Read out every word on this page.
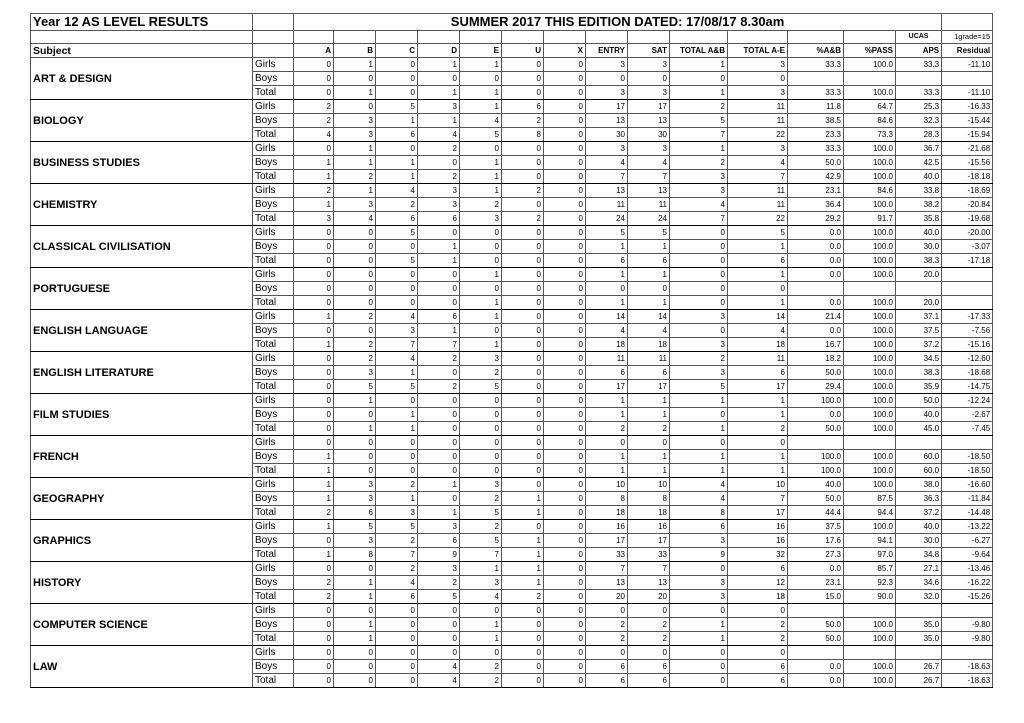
Year 12 AS LEVEL RESULTS		SUMMER 2017 THIS EDITION DATED: 17/08/17 8.30am														
															UCAS	1grade=15
Subject		A	B	C	D	E	U	X	ENTRY	SAT	TOTAL A&B	TOTAL A-E	%A&B	%PASS	APS	Residual
ART & DESIGN	Girls	0	1	0	1	1	0	0	3	3	1	3	33.3	100.0	33.3	-11.10
	Boys	0	0	0	0	0	0	0	0	0	0	0				
	Total	0	1	0	1	1	0	0	3	3	1	3	33.3	100.0	33.3	-11.10
BIOLOGY	Girls	2	0	5	3	1	6	0	17	17	2	11	11.8	64.7	25.3	-16.33
	Boys	2	3	1	1	4	2	0	13	13	5	11	38.5	84.6	32.3	-15.44
	Total	4	3	6	4	5	8	0	30	30	7	22	23.3	73.3	28.3	-15.94
BUSINESS STUDIES	Girls	0	1	0	2	0	0	0	3	3	1	3	33.3	100.0	36.7	-21.68
	Boys	1	1	1	0	1	0	0	4	4	2	4	50.0	100.0	42.5	-15.56
	Total	1	2	1	2	1	0	0	7	7	3	7	42.9	100.0	40.0	-18.18
CHEMISTRY	Girls	2	1	4	3	1	2	0	13	13	3	11	23.1	84.6	33.8	-18.69
	Boys	1	3	2	3	2	0	0	11	11	4	11	36.4	100.0	38.2	-20.84
	Total	3	4	6	6	3	2	0	24	24	7	22	29.2	91.7	35.8	-19.68
CLASSICAL CIVILISATION	Girls	0	0	5	0	0	0	0	5	5	0	5	0.0	100.0	40.0	-20.00
	Boys	0	0	0	1	0	0	0	1	1	0	1	0.0	100.0	30.0	-3.07
	Total	0	0	5	1	0	0	0	6	6	0	6	0.0	100.0	38.3	-17.18
PORTUGUESE	Girls	0	0	0	0	1	0	0	1	1	0	1	0.0	100.0	20.0	
	Boys	0	0	0	0	0	0	0	0	0	0	0				
	Total	0	0	0	0	1	0	0	1	1	0	1	0.0	100.0	20.0	
ENGLISH LANGUAGE	Girls	1	2	4	6	1	0	0	14	14	3	14	21.4	100.0	37.1	-17.33
	Boys	0	0	3	1	0	0	0	4	4	0	4	0.0	100.0	37.5	-7.56
	Total	1	2	7	7	1	0	0	18	18	3	18	16.7	100.0	37.2	-15.16
ENGLISH LITERATURE	Girls	0	2	4	2	3	0	0	11	11	2	11	18.2	100.0	34.5	-12.60
	Boys	0	3	1	0	2	0	0	6	6	3	6	50.0	100.0	38.3	-18.68
	Total	0	5	5	2	5	0	0	17	17	5	17	29.4	100.0	35.9	-14.75
FILM STUDIES	Girls	0	1	0	0	0	0	0	1	1	1	1	100.0	100.0	50.0	-12.24
	Boys	0	0	1	0	0	0	0	1	1	0	1	0.0	100.0	40.0	-2.67
	Total	0	1	1	0	0	0	0	2	2	1	2	50.0	100.0	45.0	-7.45
FRENCH	Girls	0	0	0	0	0	0	0	0	0	0	0				
	Boys	1	0	0	0	0	0	0	1	1	1	1	100.0	100.0	60.0	-18.50
	Total	1	0	0	0	0	0	0	1	1	1	1	100.0	100.0	60.0	-18.50
GEOGRAPHY	Girls	1	3	2	1	3	0	0	10	10	4	10	40.0	100.0	38.0	-16.60
	Boys	1	3	1	0	2	1	0	8	8	4	7	50.0	87.5	36.3	-11.84
	Total	2	6	3	1	5	1	0	18	18	8	17	44.4	94.4	37.2	-14.48
GRAPHICS	Girls	1	5	5	3	2	0	0	16	16	6	16	37.5	100.0	40.0	-13.22
	Boys	0	3	2	6	5	1	0	17	17	3	16	17.6	94.1	30.0	-6.27
	Total	1	8	7	9	7	1	0	33	33	9	32	27.3	97.0	34.8	-9.64
HISTORY	Girls	0	0	2	3	1	1	0	7	7	0	6	0.0	85.7	27.1	-13.46
	Boys	2	1	4	2	3	1	0	13	13	3	12	23.1	92.3	34.6	-16.22
	Total	2	1	6	5	4	2	0	20	20	3	18	15.0	90.0	32.0	-15.26
COMPUTER SCIENCE	Girls	0	0	0	0	0	0	0	0	0	0	0				
	Boys	0	1	0	0	1	0	0	2	2	1	2	50.0	100.0	35.0	-9.80
	Total	0	1	0	0	1	0	0	2	2	1	2	50.0	100.0	35.0	-9.80
LAW	Girls	0	0	0	0	0	0	0	0	0	0	0				
	Boys	0	0	0	4	2	0	0	6	6	0	6	0.0	100.0	26.7	-18.63
	Total	0	0	0	4	2	0	0	6	6	0	6	0.0	100.0	26.7	-18.63
